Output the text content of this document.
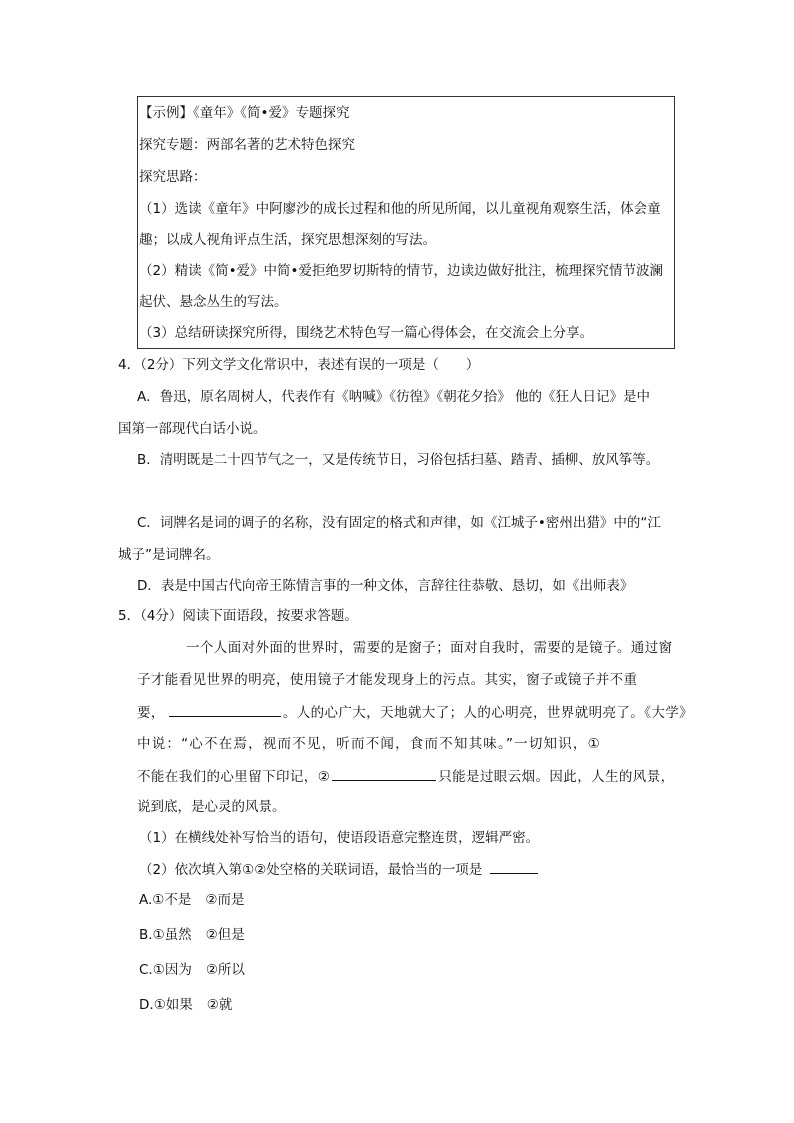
【示例】《童年》《简•爱》专题探究
探究专题：两部名著的艺术特色探究
探究思路：
（1）选读《童年》中阿廖沙的成长过程和他的所见所闻，以儿童视角观察生活，体会童
趣；以成人视角评点生活，探究思想深刻的写法。
（2）精读《简•爱》中简•爱拒绝罗切斯特的情节，边读边做好批注，梳理探究情节波澜
起伏、悬念丛生的写法。
（3）总结研读探究所得，围绕艺术特色写一篇心得体会，在交流会上分享。
4．（2分）下列文学文化常识中，表述有误的一项是（　　）
A．鲁迅，原名周树人，代表作有《呐喊》《彷徨》《朝花夕拾》 他的《狂人日记》是中
国第一部现代白话小说。
B．清明既是二十四节气之一，又是传统节日，习俗包括扫墓、踏青、插柳、放风筝等。
C．词牌名是词的调子的名称，没有固定的格式和声律，如《江城子•密州出猎》中的“江
城子”是词牌名。
D．表是中国古代向帝王陈情言事的一种文体，言辞往往恭敬、恳切，如《出师表》
5．（4分）阅读下面语段，按要求答题。
一个人面对外面的世界时，需要的是窗子；面对自我时，需要的是镜子。通过窗
子才能看见世界的明亮，使用镜子才能发现身上的污点。其实，窗子或镜子并不重
要，	。人的心广大，天地就大了；人的心明亮，世界就明亮了。《大学》
中说：“心不在焉，视而不见，听而不闻，食而不知其味。”一切知识，①
不能在我们的心里留下印记，②	只能是过眼云烟。因此，人生的风景，
说到底，是心灵的风景。
（1）在横线处补写恰当的语句，使语段语意完整连贯，逻辑严密。
（2）依次填入第①②处空格的关联词语，最恰当的一项是
A.①不是 ②而是
B.①虽然 ②但是
C.①因为 ②所以
D.①如果 ②就
